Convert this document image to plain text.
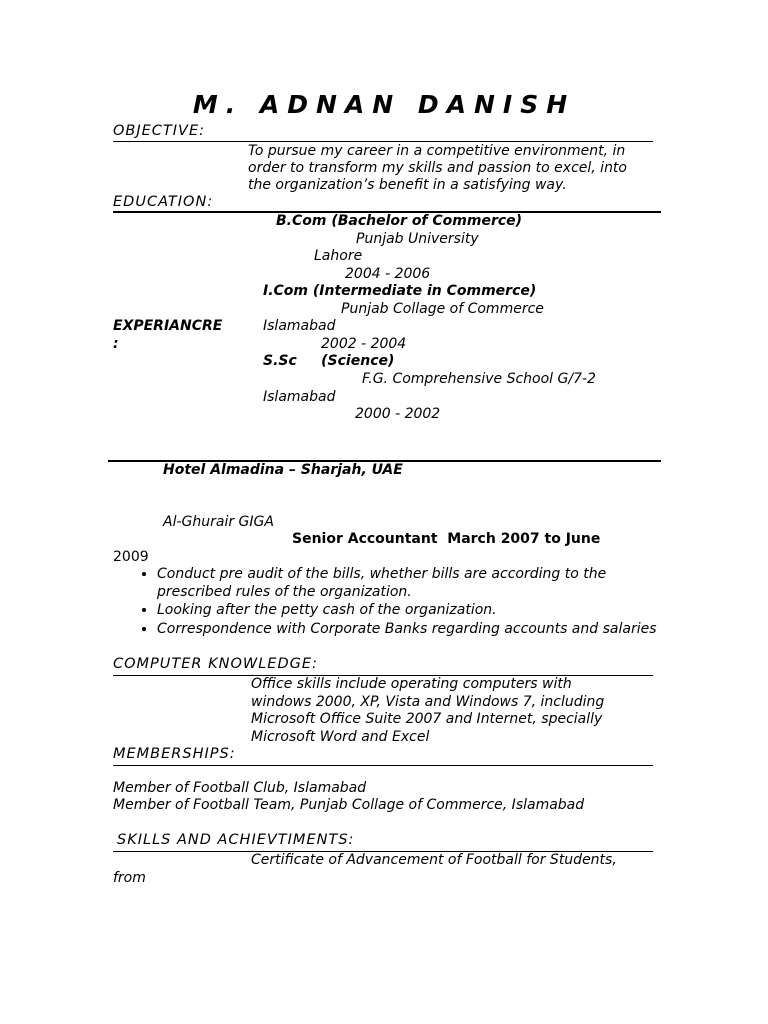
M. ADNAN DANISH
OBJECTIVE:
To pursue my career in a competitive environment, in
order to transform my skills and passion to excel, into
the organization’s benefit in a satisfying way.
EDUCATION:
B.Com (Bachelor of Commerce)
Punjab University
Lahore
2004 - 2006
I.Com (Intermediate in Commerce)
Punjab Collage of Commerce
Islamabad
2002 - 2004
S.Sc     (Science)
F.G. Comprehensive School G/7-2
Islamabad
2000 - 2002
EXPERIANCRE
:
Hotel Almadina – Sharjah, UAE
Al-Ghurair GIGA
Senior Accountant  March 2007 to June
2009
• Conduct pre audit of the bills, whether bills are according to the prescribed rules of the organization.
• Looking after the petty cash of the organization.
• Correspondence with Corporate Banks regarding accounts and salaries
COMPUTER KNOWLEDGE:
Office skills include operating computers with
windows 2000, XP, Vista and Windows 7, including
Microsoft Office Suite 2007 and Internet, specially
Microsoft Word and Excel
MEMBERSHIPS:
Member of Football Club, Islamabad
Member of Football Team, Punjab Collage of Commerce, Islamabad
SKILLS AND ACHIEVTIMENTS:
Certificate of Advancement of Football for Students,
from
